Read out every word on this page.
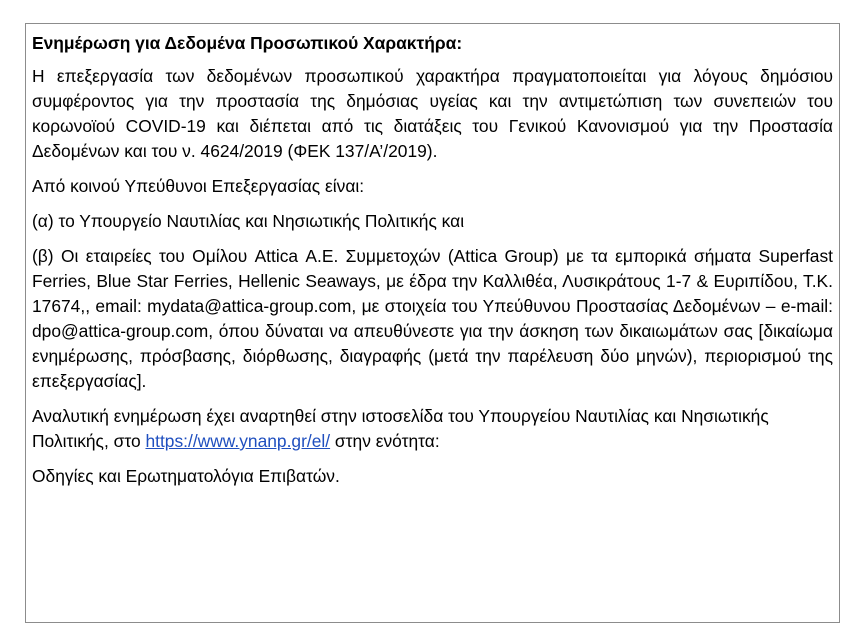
Ενημέρωση για Δεδομένα Προσωπικού Χαρακτήρα:

Η επεξεργασία των δεδομένων προσωπικού χαρακτήρα πραγματοποιείται για λόγους δημόσιου συμφέροντος για την προστασία της δημόσιας υγείας και την αντιμετώπιση των συνεπειών του κορωνοϊού COVID-19 και διέπεται από τις διατάξεις του Γενικού Κανονισμού για την Προστασία Δεδομένων και του ν. 4624/2019 (ΦΕΚ 137/Α’/2019).

Από κοινού Υπεύθυνοι Επεξεργασίας είναι:

(α) το Υπουργείο Ναυτιλίας και Νησιωτικής Πολιτικής και

(β) Οι εταιρείες του Ομίλου Attica Α.Ε. Συμμετοχών (Attica Group) με τα εμπορικά σήματα Superfast Ferries, Blue Star Ferries, Hellenic Seaways, με έδρα την Καλλιθέα, Λυσικράτους 1-7 & Ευριπίδου, Τ.Κ. 17674,, email: mydata@attica-group.com, με στοιχεία του Υπεύθυνου Προστασίας Δεδομένων – e-mail: dpo@attica-group.com, όπου δύναται να απευθύνεστε για την άσκηση των δικαιωμάτων σας [δικαίωμα ενημέρωσης, πρόσβασης, διόρθωσης, διαγραφής (μετά την παρέλευση δύο μηνών), περιορισμού της επεξεργασίας].

Αναλυτική ενημέρωση έχει αναρτηθεί στην ιστοσελίδα του Υπουργείου Ναυτιλίας και Νησιωτικής Πολιτικής, στο https://www.ynanp.gr/el/ στην ενότητα:

Οδηγίες και Ερωτηματολόγια Επιβατών.
